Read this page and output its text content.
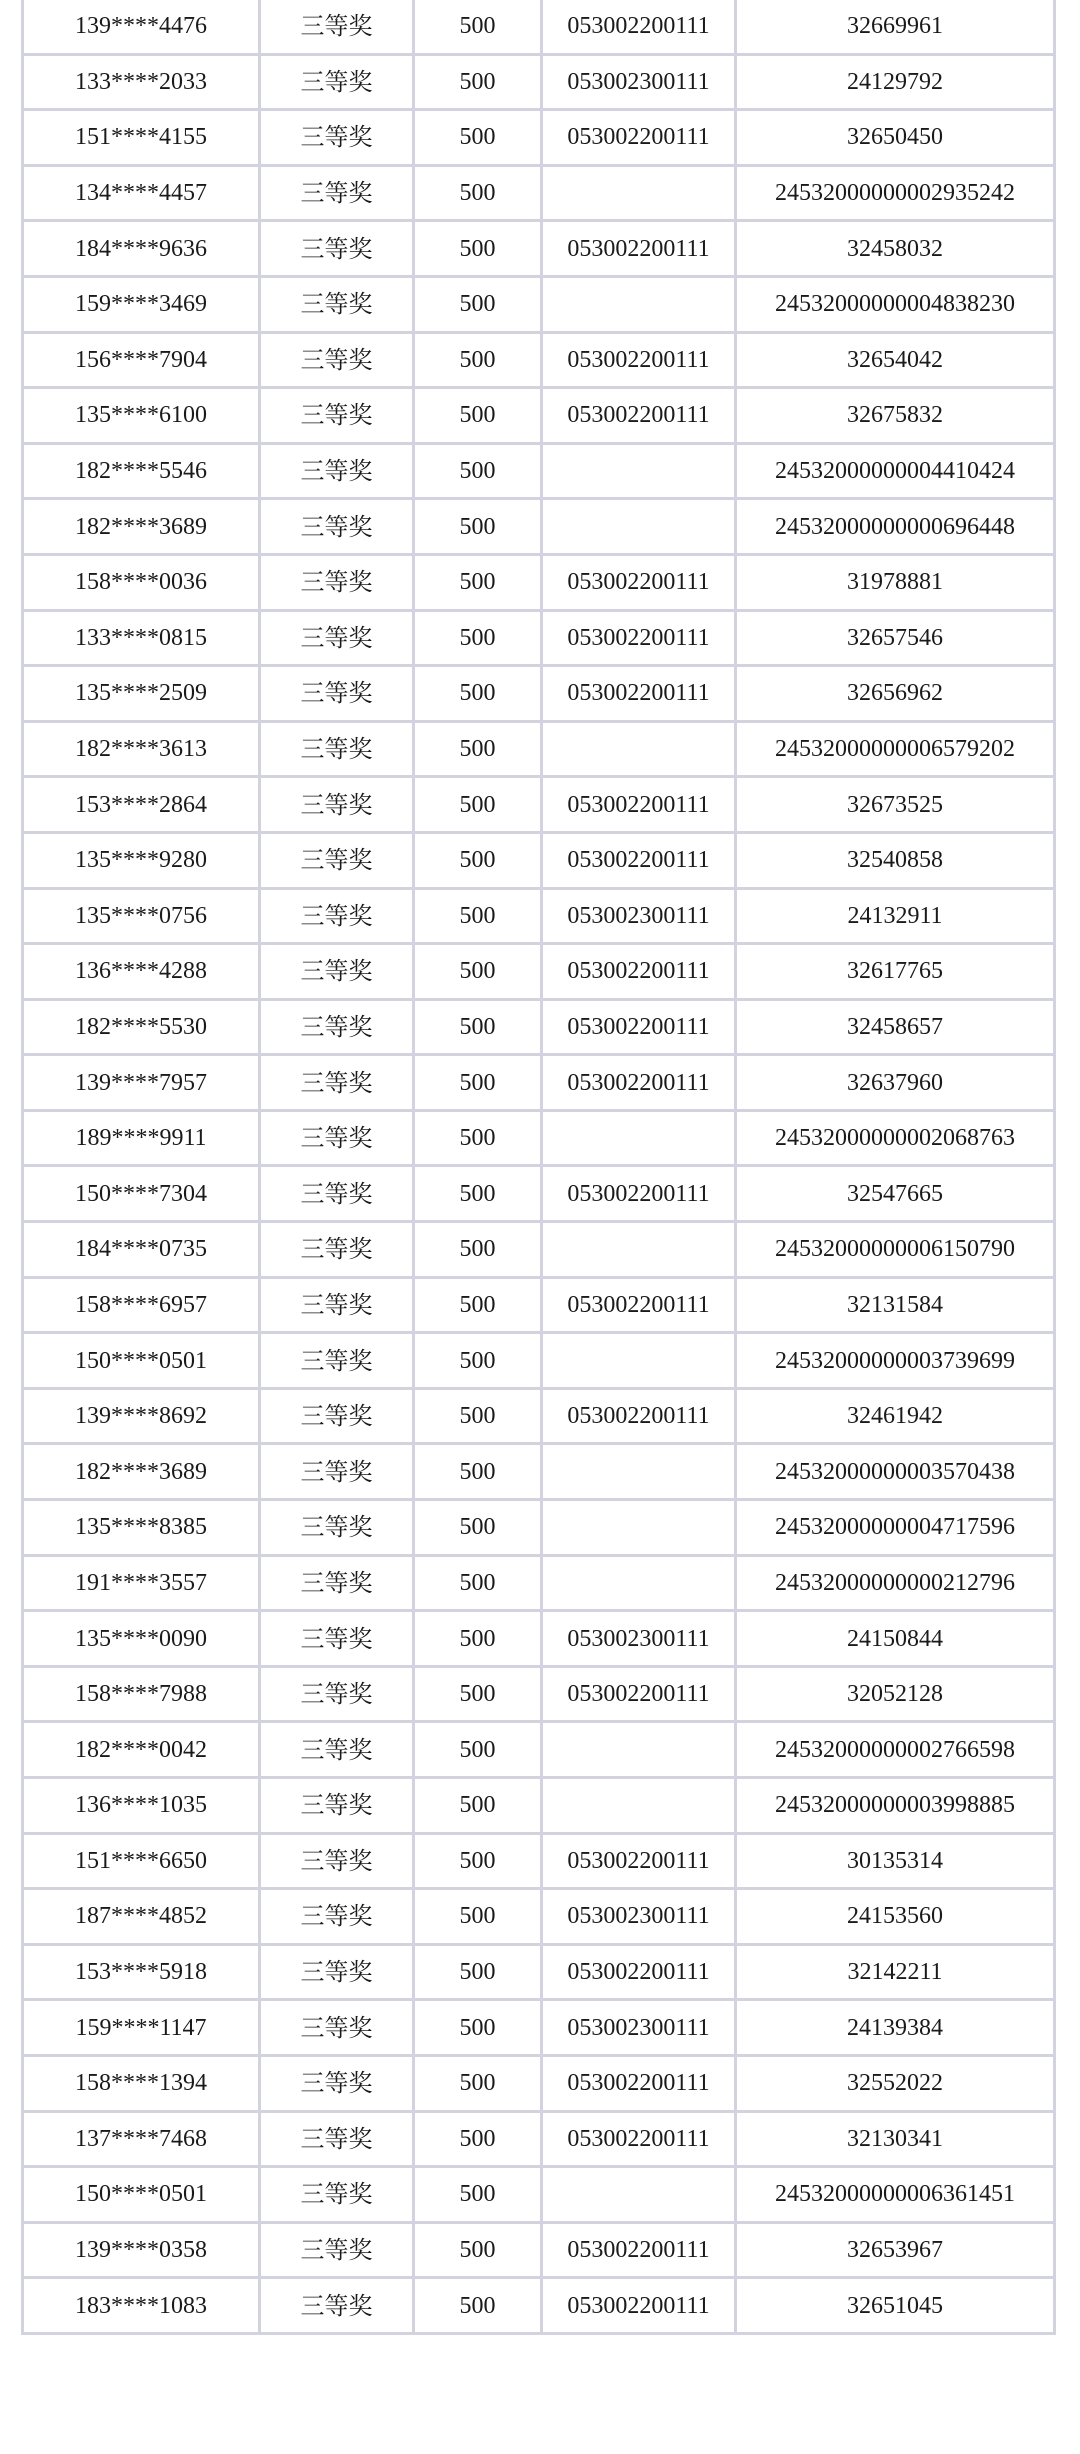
139****4476	三等奖	500	053002200111	32669961
133****2033	三等奖	500	053002300111	24129792
151****4155	三等奖	500	053002200111	32650450
134****4457	三等奖	500		24532000000002935242
184****9636	三等奖	500	053002200111	32458032
159****3469	三等奖	500		24532000000004838230
156****7904	三等奖	500	053002200111	32654042
135****6100	三等奖	500	053002200111	32675832
182****5546	三等奖	500		24532000000004410424
182****3689	三等奖	500		24532000000000696448
158****0036	三等奖	500	053002200111	31978881
133****0815	三等奖	500	053002200111	32657546
135****2509	三等奖	500	053002200111	32656962
182****3613	三等奖	500		24532000000006579202
153****2864	三等奖	500	053002200111	32673525
135****9280	三等奖	500	053002200111	32540858
135****0756	三等奖	500	053002300111	24132911
136****4288	三等奖	500	053002200111	32617765
182****5530	三等奖	500	053002200111	32458657
139****7957	三等奖	500	053002200111	32637960
189****9911	三等奖	500		24532000000002068763
150****7304	三等奖	500	053002200111	32547665
184****0735	三等奖	500		24532000000006150790
158****6957	三等奖	500	053002200111	32131584
150****0501	三等奖	500		24532000000003739699
139****8692	三等奖	500	053002200111	32461942
182****3689	三等奖	500		24532000000003570438
135****8385	三等奖	500		24532000000004717596
191****3557	三等奖	500		24532000000000212796
135****0090	三等奖	500	053002300111	24150844
158****7988	三等奖	500	053002200111	32052128
182****0042	三等奖	500		24532000000002766598
136****1035	三等奖	500		24532000000003998885
151****6650	三等奖	500	053002200111	30135314
187****4852	三等奖	500	053002300111	24153560
153****5918	三等奖	500	053002200111	32142211
159****1147	三等奖	500	053002300111	24139384
158****1394	三等奖	500	053002200111	32552022
137****7468	三等奖	500	053002200111	32130341
150****0501	三等奖	500		24532000000006361451
139****0358	三等奖	500	053002200111	32653967
183****1083	三等奖	500	053002200111	32651045
